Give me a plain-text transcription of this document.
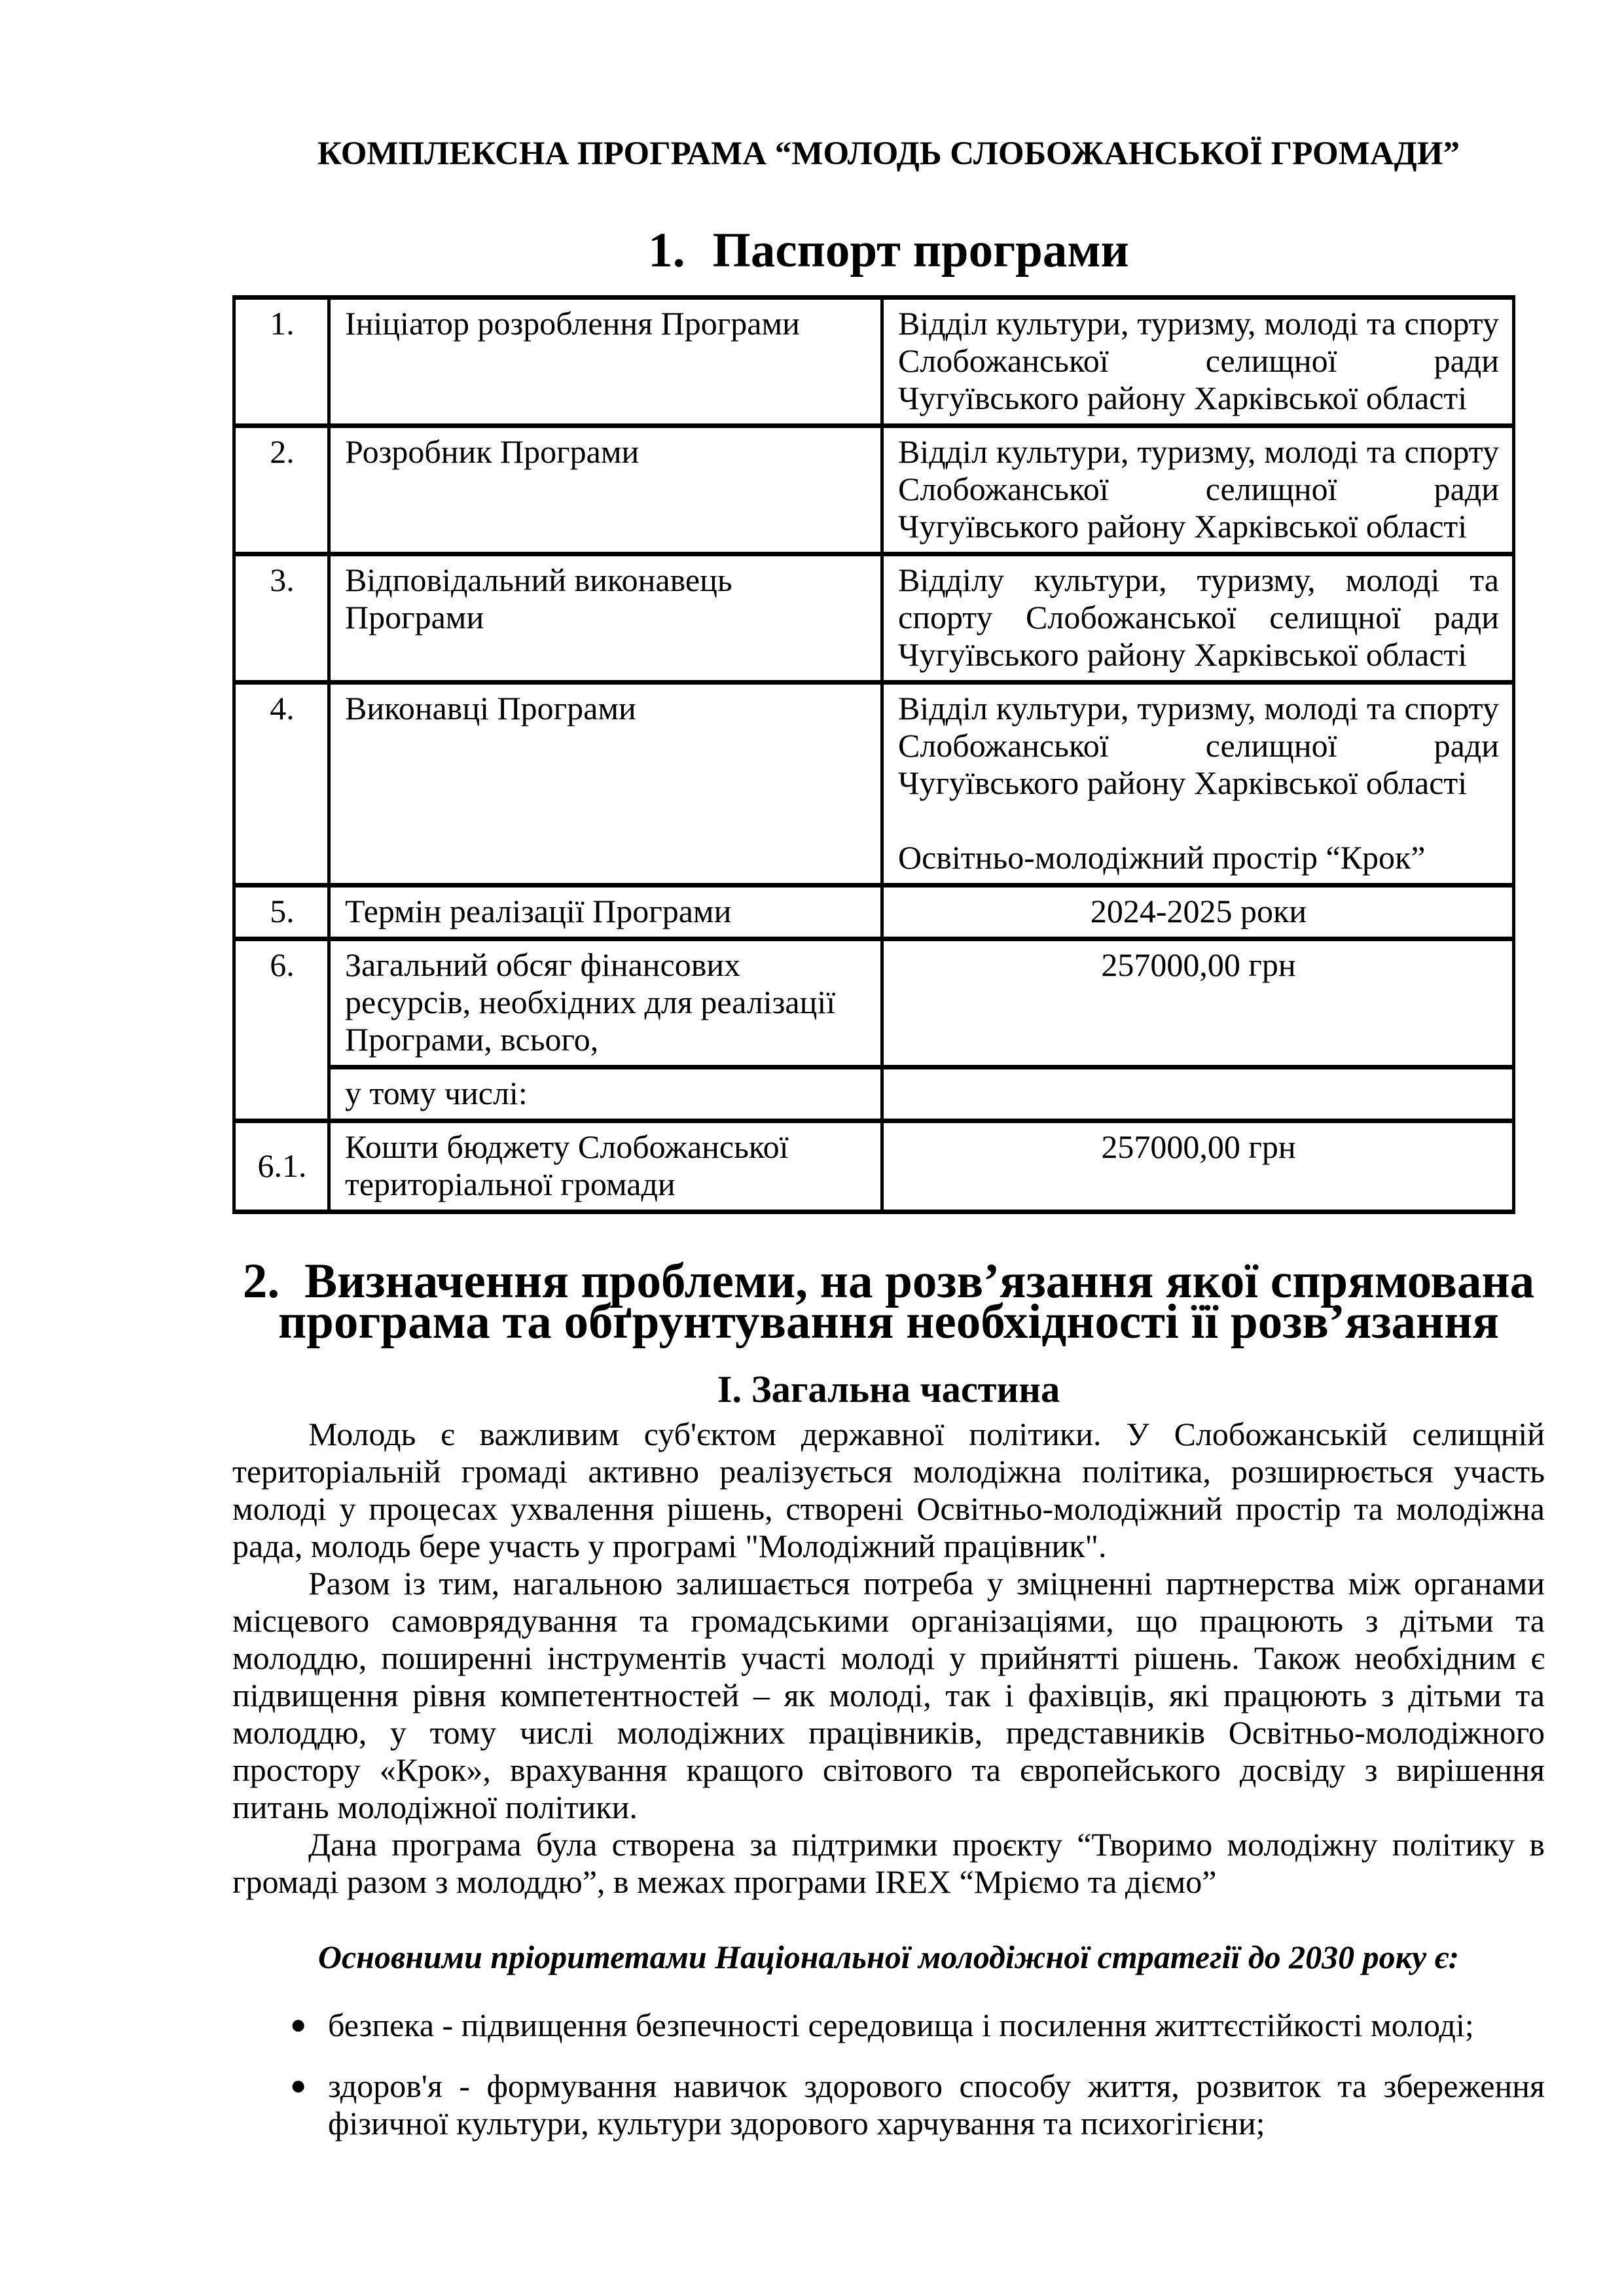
КОМПЛЕКСНА ПРОГРАМА “МОЛОДЬ СЛОБОЖАНСЬКОЇ ГРОМАДИ”
1. Паспорт програми
1.	Ініціатор розроблення Програми	Відділ культури, туризму, молоді та спорту Слобожанської селищної ради Чугуївського району Харківської області

2.	Розробник Програми	Відділ культури, туризму, молоді та спорту Слобожанської селищної ради Чугуївського району Харківської області

3.	Відповідальний виконавець Програми	Відділу культури, туризму, молоді та спорту Слобожанської селищної ради Чугуївського району Харківської області

4.	Виконавці Програми	Відділ культури, туризму, молоді та спорту Слобожанської селищної ради Чугуївського району Харківської області
Освітньо-молодіжний простір “Крок”

5.	Термін реалізації Програми	2024-2025 роки
6.	Загальний обсяг фінансових ресурсів, необхідних для реалізації Програми, всього,	257000,00 грн
	у тому числі:	
6.1.	Кошти бюджету Слобожанської територіальної громади	257000,00 грн
2. Визначення проблеми, на розв’язання якої спрямована програма та обґрунтування необхідності її розв’язання
І. Загальна частина

Молодь є важливим суб'єктом державної політики. У Слобожанській селищній територіальній громаді активно реалізується молодіжна політика, розширюється участь молоді у процесах ухвалення рішень, створені Освітньо-молодіжний простір та молодіжна рада, молодь бере участь у програмі "Молодіжний працівник".

Разом із тим, нагальною залишається потреба у зміцненні партнерства між органами місцевого самоврядування та громадськими організаціями, що працюють з дітьми та молоддю, поширенні інструментів участі молоді у прийнятті рішень. Також необхідним є підвищення рівня компетентностей – як молоді, так і фахівців, які працюють з дітьми та молоддю, у тому числі молодіжних працівників, представників Освітньо-молодіжного простору «Крок», врахування кращого світового та європейського досвіду з вирішення питань молодіжної політики.

Дана програма була створена за підтримки проєкту “Творимо молодіжну політику в громаді разом з молоддю”, в межах програми IREX “Мріємо та діємо”

Основними пріоритетами Національної молодіжної стратегії до 2030 року є:
● безпека - підвищення безпечності середовища і посилення життєстійкості молоді;
● здоров'я - формування навичок здорового способу життя, розвиток та збереження фізичної культури, культури здорового харчування та психогігієни;
